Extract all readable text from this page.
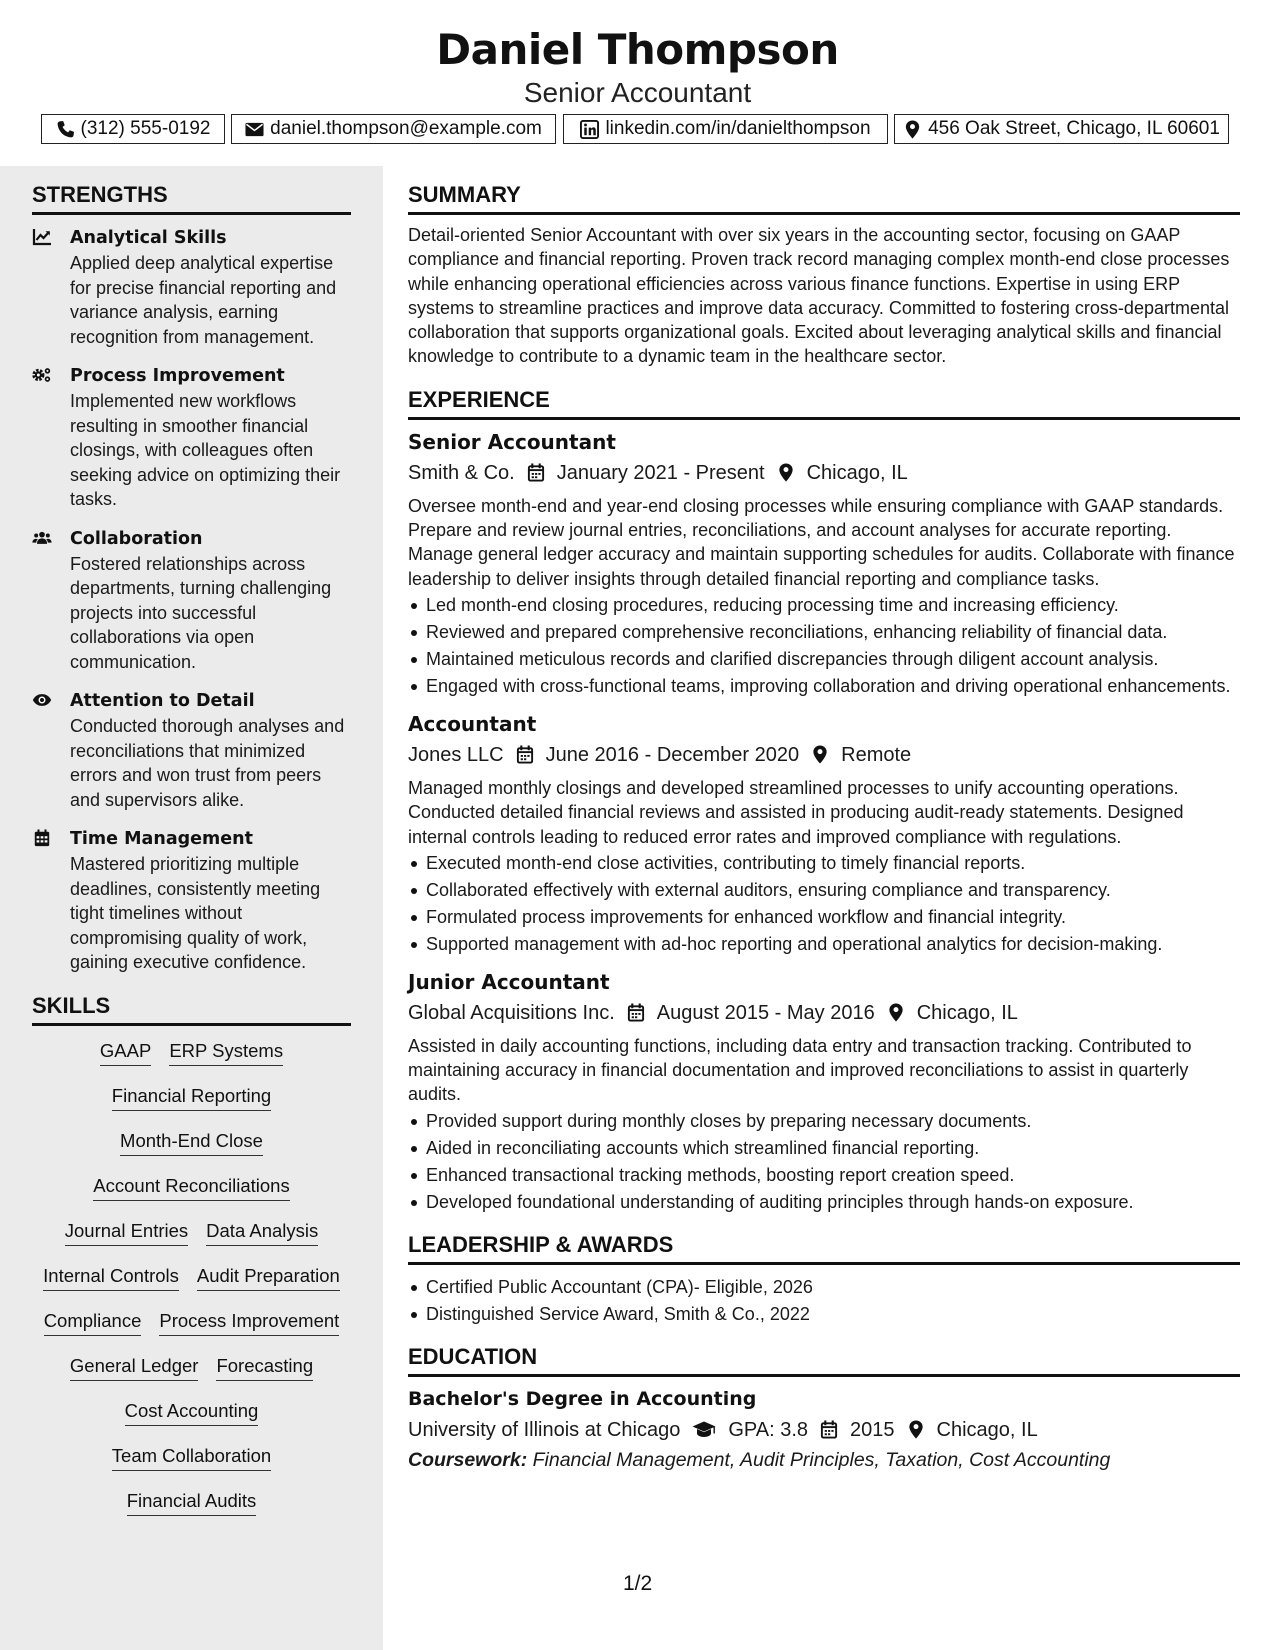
Daniel Thompson
Senior Accountant
(312) 555-0192	daniel.thompson@example.com	linkedin.com/in/danielthompson	456 Oak Street, Chicago, IL 60601
STRENGTHS
Analytical Skills
Applied deep analytical expertise for precise financial reporting and variance analysis, earning recognition from management.
Process Improvement
Implemented new workflows resulting in smoother financial closings, with colleagues often seeking advice on optimizing their tasks.
Collaboration
Fostered relationships across departments, turning challenging projects into successful collaborations via open communication.
Attention to Detail
Conducted thorough analyses and reconciliations that minimized errors and won trust from peers and supervisors alike.
Time Management
Mastered prioritizing multiple deadlines, consistently meeting tight timelines without compromising quality of work, gaining executive confidence.
SKILLS
GAAP ERP Systems
Financial Reporting
Month-End Close
Account Reconciliations
Journal Entries Data Analysis
Internal Controls Audit Preparation
Compliance Process Improvement
General Ledger Forecasting
Cost Accounting
Team Collaboration
Financial Audits
SUMMARY
Detail-oriented Senior Accountant with over six years in the accounting sector, focusing on GAAP compliance and financial reporting. Proven track record managing complex month-end close processes while enhancing operational efficiencies across various finance functions. Expertise in using ERP systems to streamline practices and improve data accuracy. Committed to fostering cross-departmental collaboration that supports organizational goals. Excited about leveraging analytical skills and financial knowledge to contribute to a dynamic team in the healthcare sector.
EXPERIENCE
Senior Accountant
Smith & Co. January 2021 - Present Chicago, IL
Oversee month-end and year-end closing processes while ensuring compliance with GAAP standards. Prepare and review journal entries, reconciliations, and account analyses for accurate reporting. Manage general ledger accuracy and maintain supporting schedules for audits. Collaborate with finance leadership to deliver insights through detailed financial reporting and compliance tasks.
Led month-end closing procedures, reducing processing time and increasing efficiency.
Reviewed and prepared comprehensive reconciliations, enhancing reliability of financial data.
Maintained meticulous records and clarified discrepancies through diligent account analysis.
Engaged with cross-functional teams, improving collaboration and driving operational enhancements.
Accountant
Jones LLC June 2016 - December 2020 Remote
Managed monthly closings and developed streamlined processes to unify accounting operations. Conducted detailed financial reviews and assisted in producing audit-ready statements. Designed internal controls leading to reduced error rates and improved compliance with regulations.
Executed month-end close activities, contributing to timely financial reports.
Collaborated effectively with external auditors, ensuring compliance and transparency.
Formulated process improvements for enhanced workflow and financial integrity.
Supported management with ad-hoc reporting and operational analytics for decision-making.
Junior Accountant
Global Acquisitions Inc. August 2015 - May 2016 Chicago, IL
Assisted in daily accounting functions, including data entry and transaction tracking. Contributed to maintaining accuracy in financial documentation and improved reconciliations to assist in quarterly audits.
Provided support during monthly closes by preparing necessary documents.
Aided in reconciliating accounts which streamlined financial reporting.
Enhanced transactional tracking methods, boosting report creation speed.
Developed foundational understanding of auditing principles through hands-on exposure.
LEADERSHIP & AWARDS
Certified Public Accountant (CPA)- Eligible, 2026
Distinguished Service Award, Smith & Co., 2022
EDUCATION
Bachelor's Degree in Accounting
University of Illinois at Chicago GPA: 3.8 2015 Chicago, IL
Coursework: Financial Management, Audit Principles, Taxation, Cost Accounting
1/2
